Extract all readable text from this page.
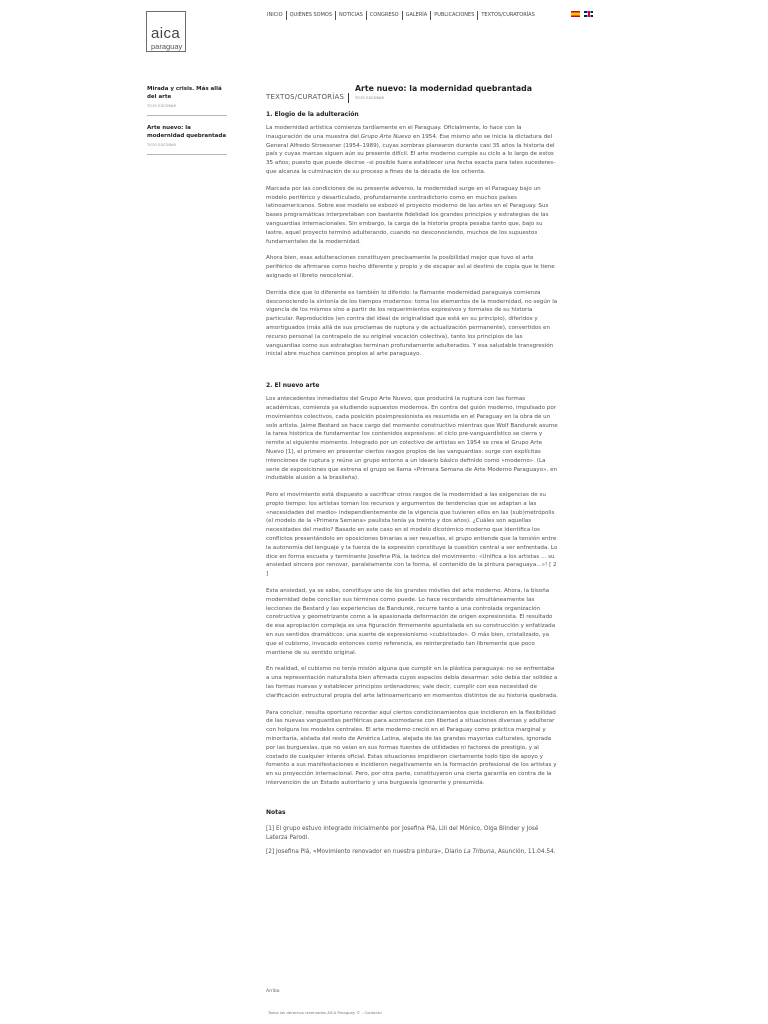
aica
paraguay
INICIO	QUIÉNES SOMOS	NOTICIAS	CONGRESO	GALERÍA	PUBLICACIONES	TEXTOS/CURATORÍAS
Mirada y crisis. Más allá del arte
TICIO ESCOBAR
Arte nuevo: la modernidad quebrantada
TICIO ESCOBAR
Arte nuevo: la modernidad quebrantada
TEXTOS/CURATORÍAS	TICIO ESCOBAR
1. Elogio de la adulteración

La modernidad artística comienza tardíamente en el Paraguay. Oficialmente, lo hace con la inauguración de una muestra del Grupo Arte Nuevo en 1954. Ese mismo año se inicia la dictadura del General Alfredo Stroessner (1954–1989), cuyas sombras planearon durante casi 35 años la historia del país y cuyas marcas siguen aún su presente difícil. El arte moderno cumple su ciclo a lo largo de estos 35 años; puesto que puede decirse –si posible fuera establecer una fecha exacta para tales sucederes– que alcanza la culminación de su proceso a fines de la década de los ochenta.

Marcada por las condiciones de su presente adverso, la modernidad surge en el Paraguay bajo un modelo periférico y desarticulado, profundamente contradictorio como en muchos países latinoamericanos. Sobre ese modelo se esbozó el proyecto moderno de las artes en el Paraguay. Sus bases programáticas interpretaban con bastante fidelidad los grandes principios y estrategias de las vanguardias internacionales. Sin embargo, la carga de la historia propia pesaba tanto que, bajo su lastre, aquel proyecto terminó adulterando, cuando no desconociendo, muchos de los supuestos fundamentales de la modernidad.

Ahora bien, esas adulteraciones constituyen precisamente la posibilidad mejor que tuvo el arte periférico de afirmarse como hecho diferente y propio y de escapar así al destino de copia que le tiene asignado el libreto neocolonial.

Derrida dice que lo diferente es también lo diferido: la flamante modernidad paraguaya comienza desconociendo la sintonía de los tiempos modernos: toma los elementos de la modernidad, no según la vigencia de los mismos sino a partir de los requerimientos expresivos y formales de su historia particular. Reproducidos (en contra del ideal de originalidad que está en su principio), diferidos y amortiguados (más allá de sus proclamas de ruptura y de actualización permanente), convertidos en recurso personal (a contrapelo de su original vocación colectiva), tanto los principios de las vanguardias como sus estrategias terminan profundamente adulterados. Y esa saludable transgresión inicial abre muchos caminos propios al arte paraguayo.

2. El nuevo arte

Los antecedentes inmediatos del Grupo Arte Nuevo, que producirá la ruptura con las formas académicas, comienza ya eludiendo supuestos modernos. En contra del guión moderno, impulsado por movimientos colectivos, cada posición posimpresionista es resumida en el Paraguay en la obra de un solo artista. Jaime Bestard se hace cargo del momento constructivo mientras que Wolf Bandurek asume la tarea histórica de fundamentar los contenidos expresivos: el ciclo pre-vanguardístico se cierra y remite al siguiente momento. Integrado por un colectivo de artistas en 1954 se crea el Grupo Arte Nuevo [1], el primero en presentar ciertos rasgos propios de las vanguardias: surge con explícitas intenciones de ruptura y reúne un grupo entorno a un ideario básico definido como «moderno». (La serie de exposiciones que estrena el grupo se llama «Primera Semana de Arte Moderno Paraguayo», en indudable alusión a la brasileña).

Pero el movimiento está dispuesto a sacrificar otros rasgos de la modernidad a las exigencias de su propio tiempo: los artistas toman los recursos y argumentos de tendencias que se adaptan a las «necesidades del medio» independientemente de la vigencia que tuvieren ellos en las (sub)metrópolis (el modelo de la «Primera Semana» paulista tenía ya treinta y dos años). ¿Cuáles son aquellas necesidades del medio? Basado en este caso en el modelo dicotómico moderno que identifica los conflictos presentándolo en oposiciones binarias a ser resueltas, el grupo entiende que la tensión entre la autonomía del lenguaje y la fuerza de la expresión constituye la cuestión central a ser enfrentada. Lo dice en forma escueta y terminante Josefina Plá, la teórica del movimiento: «Unifica a los artistas ... su ansiedad sincera por renovar, paralelamente con la forma, el contenido de la pintura paraguaya...»! [ 2 ]

Esta ansiedad, ya se sabe, constituye uno de los grandes móviles del arte moderno. Ahora, la bisoña modernidad debe conciliar sus términos como puede. Lo hace recordando simultáneamente las lecciones de Bestard y las experiencias de Bandurek, recurre tanto a una controlada organización constructiva y geometrizante como a la apasionada deformación de origen expresionista. El resultado de esa apropiación compleja es una figuración firmemente apuntalada en su construcción y enfatizada en sus sentidos dramáticos: una suerte de expresionismo «cubistizado». O más bien, cristalizado, ya que el cubismo, invocado entonces como referencia, es reinterpretado tan libremente que poco mantiene de su sentido original.

En realidad, el cubismo no tenía misión alguna que cumplir en la plástica paraguaya: no se enfrentaba a una representación naturalista bien afirmada cuyos espacios debía desarmar: sólo debía dar solidez a las formas nuevas y establecer principios ordenadores; vale decir, cumplir con esa necesidad de clarificación estructural propia del arte latinoamericano en momentos distintos de su historia quebrada.

Para concluir, resulta oportuno recordar aquí ciertos condicionamientos que incidieron en la flexibilidad de las nuevas vanguardias periféricas para acomodarse con libertad a situaciones diversas y adulterar con holgura los modelos centrales. El arte moderno creció en el Paraguay como práctica marginal y minoritaria, aislada del resto de América Latina, alejada de las grandes mayorías culturales, ignorada por las burguesías, que no veían en sus formas fuentes de utilidades ni factores de prestigio, y al costado de cualquier interés oficial. Estas situaciones impidieron ciertamente todo tipo de apoyo y fomento a sus manifestaciones e incidieron negativamente en la formación profesional de los artistas y en su proyección internacional. Pero, por otra parte, constituyeron una cierta garantía en contra de la intervención de un Estado autoritario y una burguesía ignorante y presumida.

Notas

[1] El grupo estuvo integrado inicialmente por Josefina Plá, Lili del Mónico, Olga Blinder y José Laterza Parodi.

[2] Josefina Plá, «Movimiento renovador en nuestra pintura», Diario La Tribuna, Asunción, 11.04.54.

Arriba
Todos los derechos reservados AICA Paraguay © – Contacto
